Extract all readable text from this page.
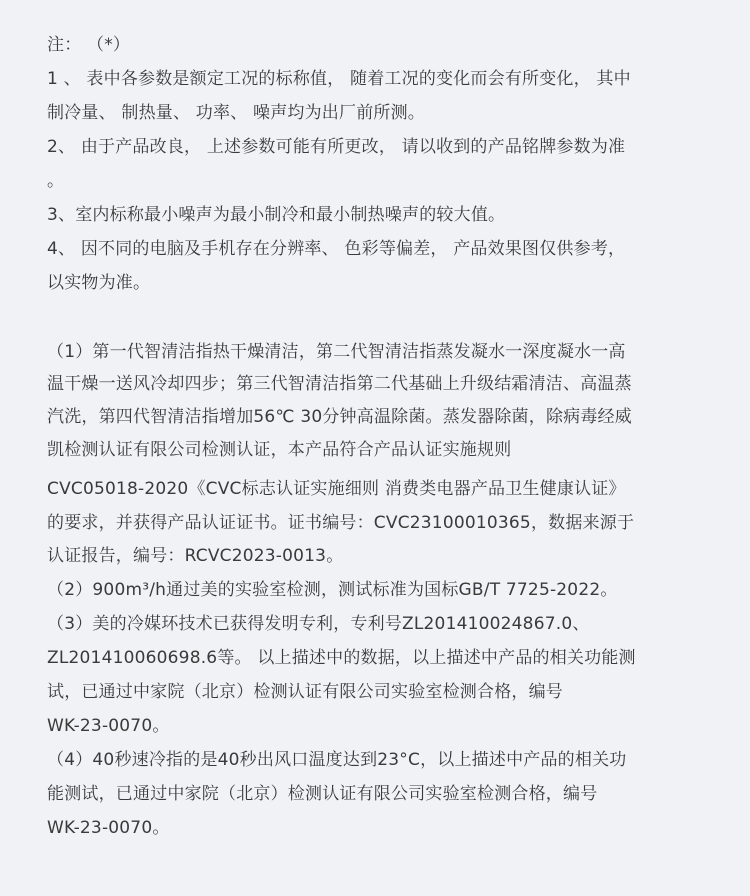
注： （*）
1 、 表中各参数是额定工况的标称值， 随着工况的变化而会有所变化， 其中
制冷量、 制热量、 功率、 噪声均为出厂前所测。
2、 由于产品改良， 上述参数可能有所更改， 请以收到的产品铭牌参数为准
。
3、室内标称最小噪声为最小制冷和最小制热噪声的较大值。
4、 因不同的电脑及手机存在分辨率、 色彩等偏差， 产品效果图仅供参考，
以实物为准。
（1）第一代智清洁指热干燥清洁，第二代智清洁指蒸发凝水一深度凝水一高
温干燥一送风冷却四步；第三代智清洁指第二代基础上升级结霜清洁、高温蒸
汽洗，第四代智清洁指增加56℃ 30分钟高温除菌。蒸发器除菌，除病毒经威
凯检测认证有限公司检测认证，本产品符合产品认证实施规则
CVC05018-2020《CVC标志认证实施细则 消费类电器产品卫生健康认证》
的要求，并获得产品认证证书。证书编号：CVC23100010365，数据来源于
认证报告，编号：RCVC2023-0013。
（2）900m³/h通过美的实验室检测，测试标准为国标GB/T 7725-2022。
（3）美的冷媒环技术已获得发明专利，专利号ZL201410024867.0、
ZL201410060698.6等。 以上描述中的数据，以上描述中产品的相关功能测
试，已通过中家院（北京）检测认证有限公司实验室检测合格，编号
WK-23-0070。
（4）40秒速冷指的是40秒出风口温度达到23°C，以上描述中产品的相关功
能测试，已通过中家院（北京）检测认证有限公司实验室检测合格，编号
WK-23-0070。
